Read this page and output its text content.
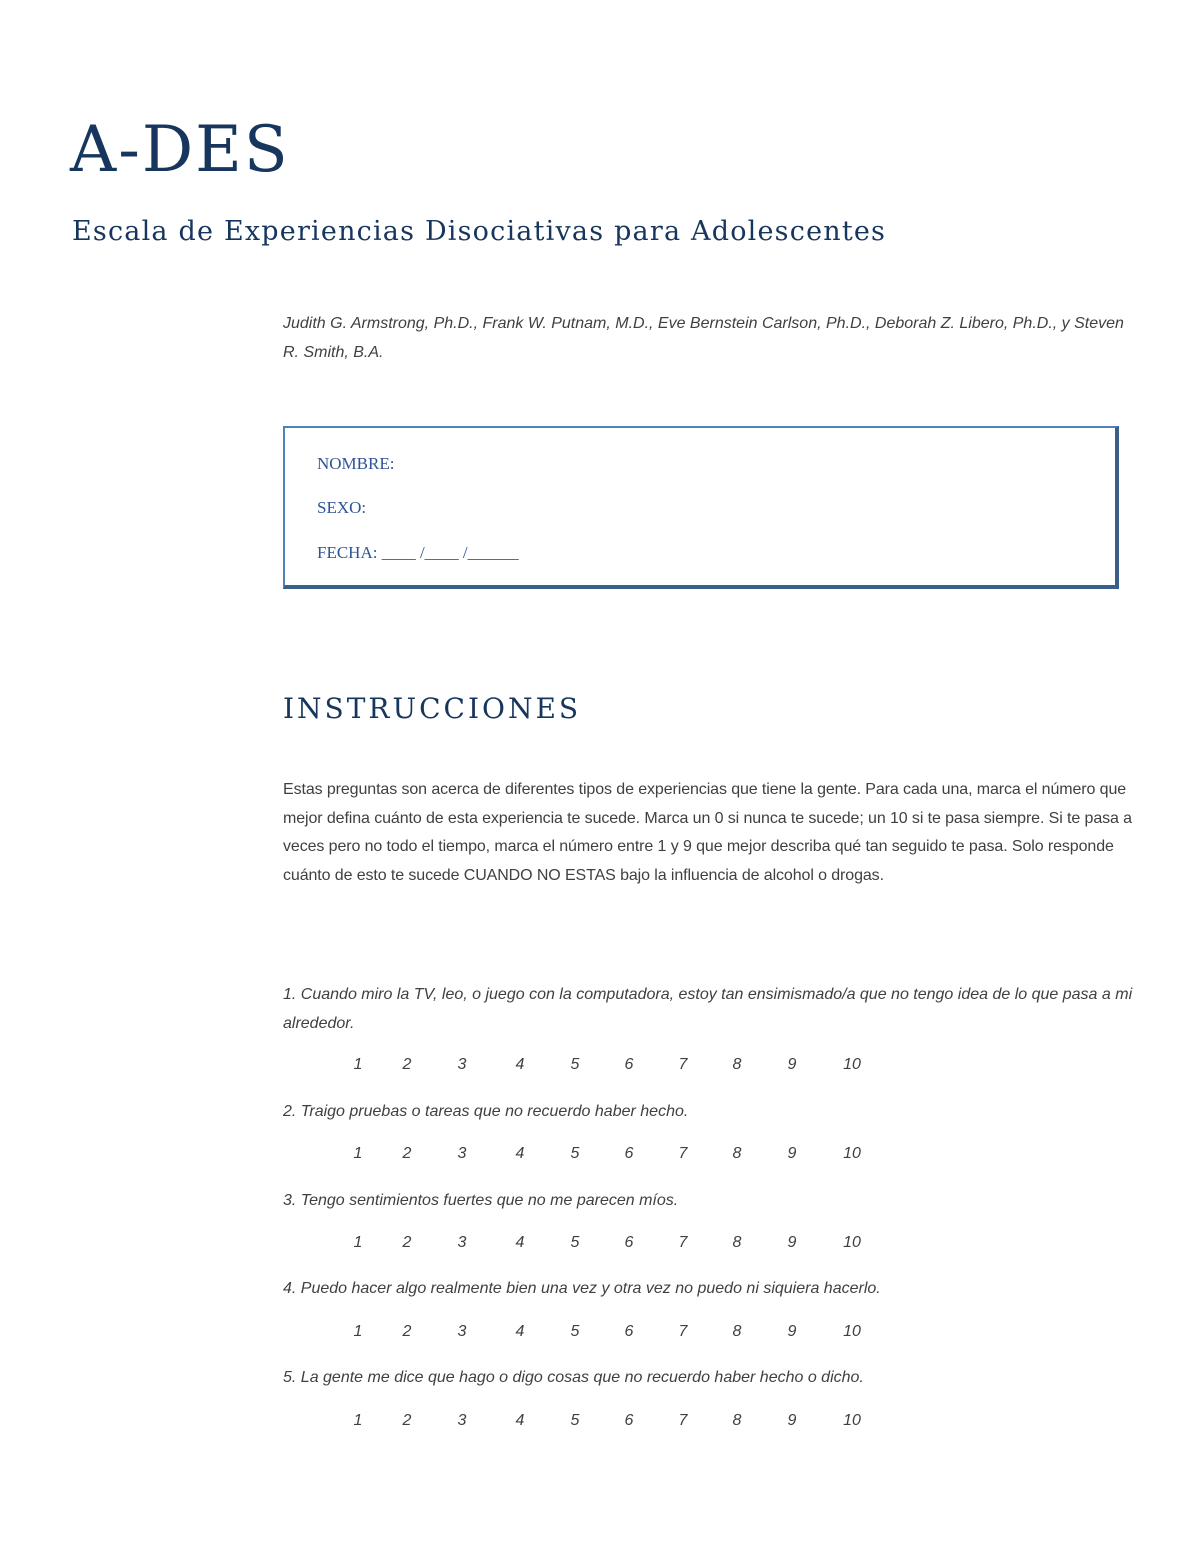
A-DES
Escala de Experiencias Disociativas para Adolescentes

Judith G. Armstrong, Ph.D., Frank W. Putnam, M.D., Eve Bernstein Carlson, Ph.D., Deborah Z. Libero, Ph.D., y Steven R. Smith, B.A.

NOMBRE:

SEXO:

FECHA: ____ /____ /______

INSTRUCCIONES

Estas preguntas son acerca de diferentes tipos de experiencias que tiene la gente. Para cada una, marca el número que mejor defina cuánto de esta experiencia te sucede. Marca un 0 si nunca te sucede; un 10 si te pasa siempre. Si te pasa a veces pero no todo el tiempo, marca el número entre 1 y 9 que mejor describa qué tan seguido te pasa. Solo responde cuánto de esto te sucede CUANDO NO ESTAS bajo la influencia de alcohol o drogas.

1. Cuando miro la TV, leo, o juego con la computadora, estoy tan ensimismado/a que no tengo idea de lo que pasa a mi alrededor.

1	2	3	4	5	6	7	8	9	10

2. Traigo pruebas o tareas que no recuerdo haber hecho.

1	2	3	4	5	6	7	8	9	10

3. Tengo sentimientos fuertes que no me parecen míos.

1	2	3	4	5	6	7	8	9	10

4. Puedo hacer algo realmente bien una vez y otra vez no puedo ni siquiera hacerlo.

1	2	3	4	5	6	7	8	9	10

5. La gente me dice que hago o digo cosas que no recuerdo haber hecho o dicho.

1	2	3	4	5	6	7	8	9	10
